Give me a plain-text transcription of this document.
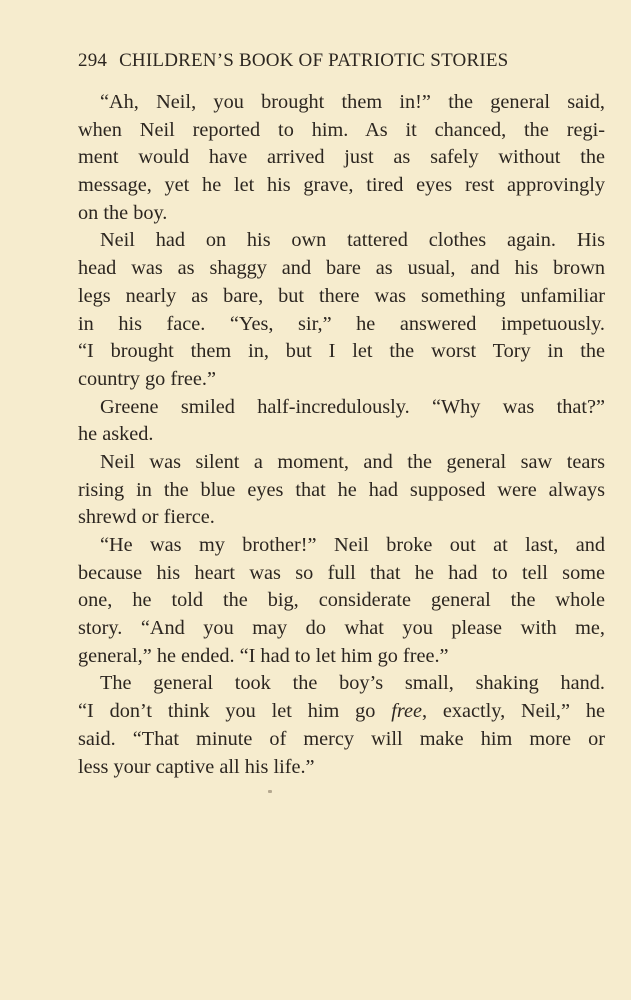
294 CHILDREN’S BOOK OF PATRIOTIC STORIES
“Ah, Neil, you brought them in!” the general said,
when Neil reported to him. As it chanced, the regi-
ment would have arrived just as safely without the
message, yet he let his grave, tired eyes rest approvingly
on the boy.
Neil had on his own tattered clothes again. His
head was as shaggy and bare as usual, and his brown
legs nearly as bare, but there was something unfamiliar
in his face. “Yes, sir,” he answered impetuously.
“I brought them in, but I let the worst Tory in the
country go free.”
Greene smiled half-incredulously. “Why was that?”
he asked.
Neil was silent a moment, and the general saw tears
rising in the blue eyes that he had supposed were always
shrewd or fierce.
“He was my brother!” Neil broke out at last, and
because his heart was so full that he had to tell some
one, he told the big, considerate general the whole
story. “And you may do what you please with me,
general,” he ended. “I had to let him go free.”
The general took the boy’s small, shaking hand.
“I don’t think you let him go free, exactly, Neil,” he
said. “That minute of mercy will make him more or
less your captive all his life.”
